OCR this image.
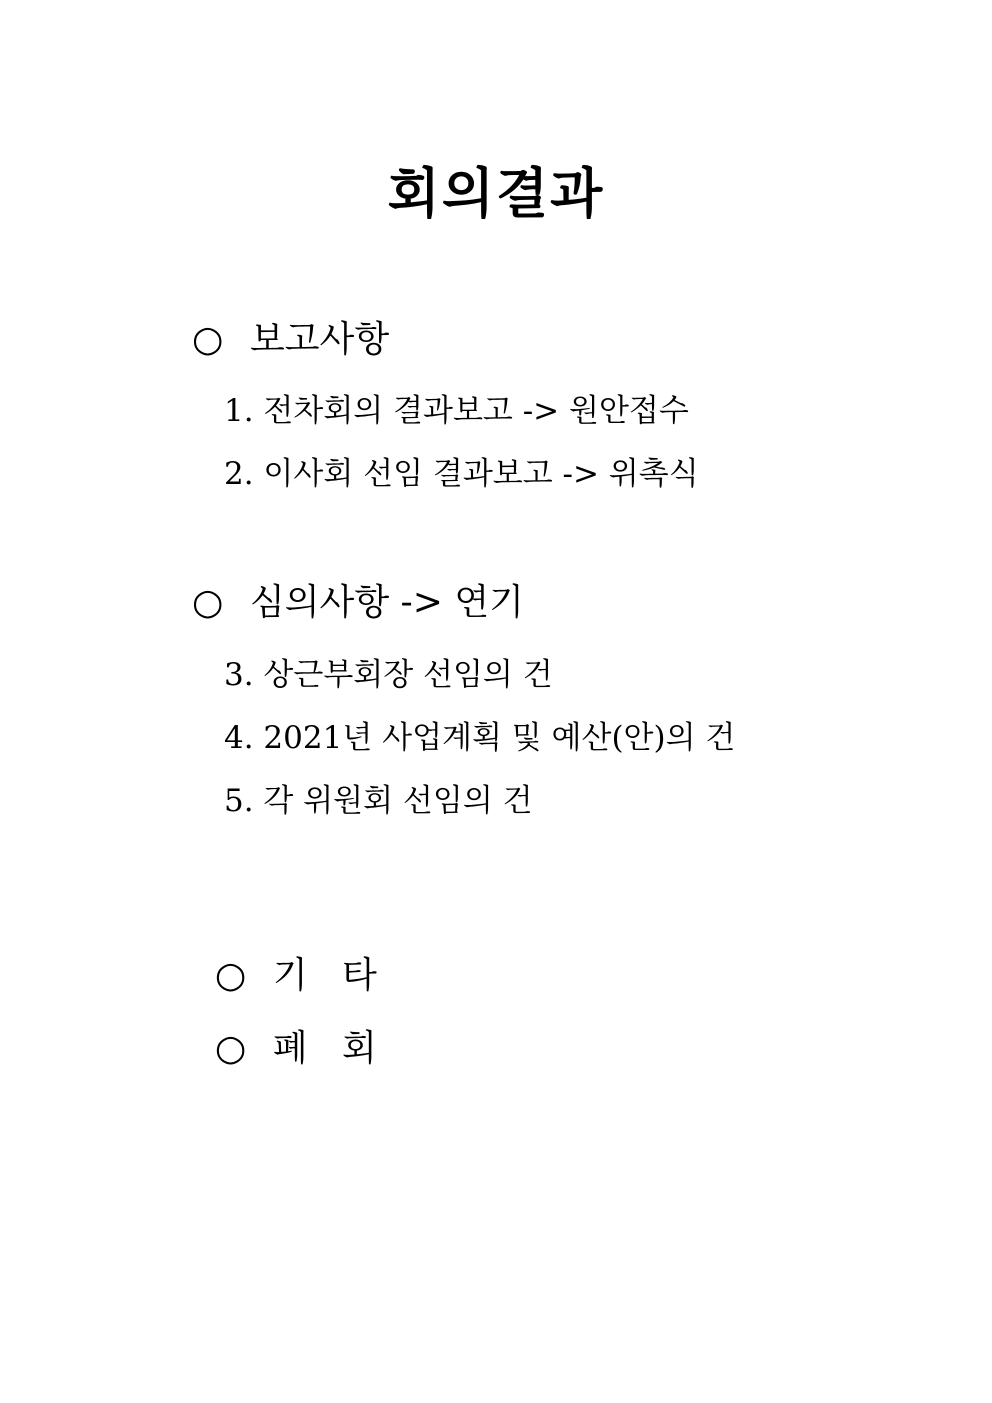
회의결과
○ 보고사항
1. 전차회의 결과보고 -> 원안접수
2. 이사회 선임 결과보고 -> 위촉식
○ 심의사항 -> 연기
3. 상근부회장 선임의 건
4. 2021년 사업계획 및 예산(안)의 건
5. 각 위원회 선임의 건

○ 기   타

○ 폐   회
